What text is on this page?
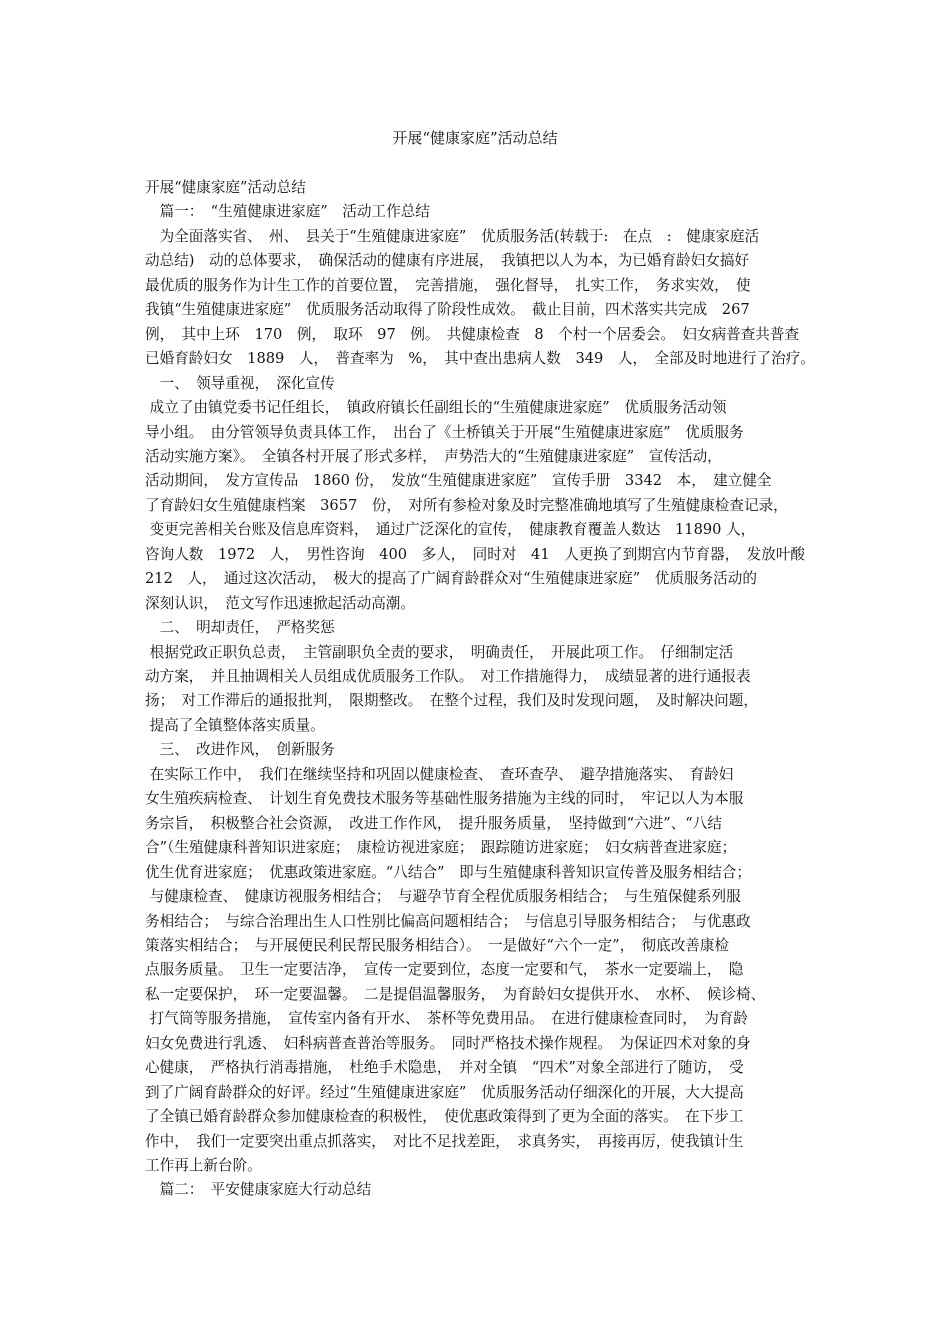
开展“健康家庭”活动总结
开展“健康家庭”活动总结
　篇一：　“生殖健康进家庭”　活动工作总结
　为全面落实省、　州、　县关于“生殖健康进家庭”　优质服务活(转载于:　在点　:　健康家庭活
动总结)　动的总体要求，　确保活动的健康有序进展，　我镇把以人为本，为已婚育龄妇女搞好
最优质的服务作为计生工作的首要位置，　完善措施，　强化督导，　扎实工作，　务求实效，　使
我镇“生殖健康进家庭”　优质服务活动取得了阶段性成效。　截止目前，四术落实共完成　267
例，　其中上环　170　例，　取环　97　例。　共健康检查　8　个村一个居委会。　妇女病普查共普查
已婚育龄妇女　1889　人，　普查率为　%，　其中查出患病人数　349　人，　全部及时地进行了治疗。
　一、　领导重视，　深化宣传
成立了由镇党委书记任组长，　镇政府镇长任副组长的“生殖健康进家庭”　优质服务活动领
导小组。　由分管领导负责具体工作，　出台了《土桥镇关于开展“生殖健康进家庭”　优质服务
活动实施方案》。　全镇各村开展了形式多样，　声势浩大的“生殖健康进家庭”　宣传活动，
活动期间，　发方宣传品　1860 份，　发放“生殖健康进家庭”　宣传手册　3342　本，　建立健全
了育龄妇女生殖健康档案　3657　份，　对所有参检对象及时完整准确地填写了生殖健康检查记录，
变更完善相关台账及信息库资料，　通过广泛深化的宣传，　健康教育覆盖人数达　11890 人，
咨询人数　1972　人，　男性咨询　400　多人，　同时对　41　人更换了到期宫内节育器，　发放叶酸
212　人，　通过这次活动，　极大的提高了广阔育龄群众对“生殖健康进家庭”　优质服务活动的
深刻认识，　范文写作迅速掀起活动高潮。
　二、　明却责任，　严格奖惩
根据党政正职负总责，　主管副职负全责的要求，　明确责任，　开展此项工作。　仔细制定活
动方案，　并且抽调相关人员组成优质服务工作队。　对工作措施得力，　成绩显著的进行通报表
扬；　对工作滞后的通报批判，　限期整改。　在整个过程，我们及时发现问题，　及时解决问题，
提高了全镇整体落实质量。
　三、　改进作风，　创新服务
在实际工作中，　我们在继续坚持和巩固以健康检查、　查环查孕、　避孕措施落实、　育龄妇
女生殖疾病检查、　计划生育免费技术服务等基础性服务措施为主线的同时，　牢记以人为本服
务宗旨，　积极整合社会资源，　改进工作作风，　提升服务质量，　坚持做到“六进”、“八结
合”（生殖健康科普知识进家庭；　康检访视进家庭；　跟踪随访进家庭；　妇女病普查进家庭；
优生优育进家庭；　优惠政策进家庭。“八结合”　即与生殖健康科普知识宣传普及服务相结合；
与健康检查、　健康访视服务相结合；　与避孕节育全程优质服务相结合；　与生殖保健系列服
务相结合；　与综合治理出生人口性别比偏高问题相结合；　与信息引导服务相结合；　与优惠政
策落实相结合；　与开展便民利民帮民服务相结合）。　一是做好“六个一定”，　彻底改善康检
点服务质量。　卫生一定要洁净，　宣传一定要到位，态度一定要和气，　茶水一定要端上，　隐
私一定要保护，　环一定要温馨。　二是提倡温馨服务，　为育龄妇女提供开水、　水杯、　候诊椅、
打气筒等服务措施，　宣传室内备有开水、　茶杯等免费用品。　在进行健康检查同时，　为育龄
妇女免费进行乳透、　妇科病普查普治等服务。　同时严格技术操作规程。　为保证四术对象的身
心健康，　严格执行消毒措施，　杜绝手术隐患，　并对全镇　“四术”对象全部进行了随访，　受
到了广阔育龄群众的好评。经过“生殖健康进家庭”　优质服务活动仔细深化的开展，大大提高
了全镇已婚育龄群众参加健康检查的积极性，　使优惠政策得到了更为全面的落实。　在下步工
作中，　我们一定要突出重点抓落实，　对比不足找差距，　求真务实，　再接再厉，使我镇计生
工作再上新台阶。
　篇二：　平安健康家庭大行动总结
